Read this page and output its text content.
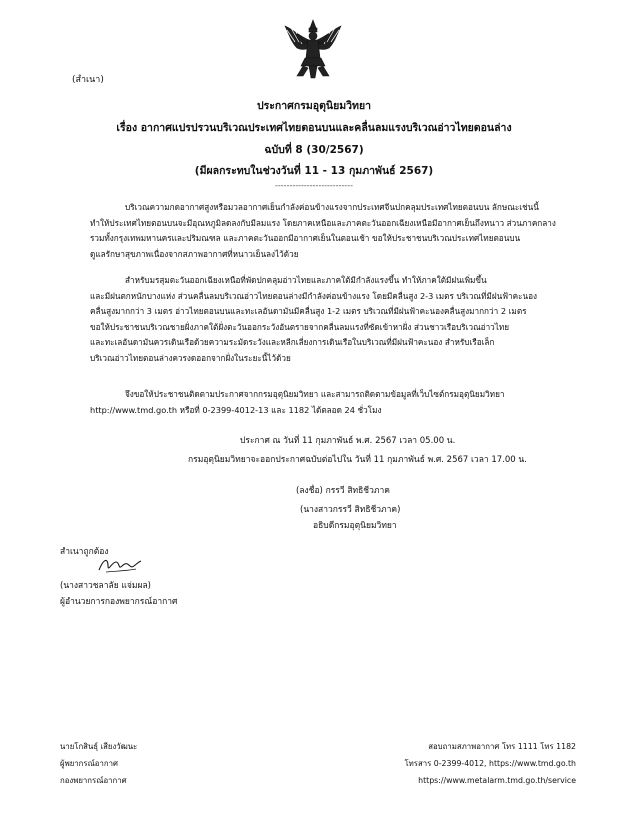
(สำเนา)
ประกาศกรมอุตุนิยมวิทยา
เรื่อง อากาศแปรปรวนบริเวณประเทศไทยตอนบนและคลื่นลมแรงบริเวณอ่าวไทยตอนล่าง
ฉบับที่ 8 (30/2567)
(มีผลกระทบในช่วงวันที่ 11 - 13 กุมภาพันธ์ 2567)
---------------------------
บริเวณความกดอากาศสูงหรือมวลอากาศเย็นกำลังค่อนข้างแรงจากประเทศจีนปกคลุมประเทศไทยตอนบน ลักษณะเช่นนี้
ทำให้ประเทศไทยตอนบนจะมีอุณหภูมิลดลงกับมีลมแรง โดยภาคเหนือและภาคตะวันออกเฉียงเหนือมีอากาศเย็นถึงหนาว ส่วนภาคกลาง
รวมทั้งกรุงเทพมหานครและปริมณฑล และภาคตะวันออกมีอากาศเย็นในตอนเช้า ขอให้ประชาชนบริเวณประเทศไทยตอนบน
ดูแลรักษาสุขภาพเนื่องจากสภาพอากาศที่หนาวเย็นลงไว้ด้วย
สำหรับมรสุมตะวันออกเฉียงเหนือที่พัดปกคลุมอ่าวไทยและภาคใต้มีกำลังแรงขึ้น ทำให้ภาคใต้มีฝนเพิ่มขึ้น
และมีฝนตกหนักบางแห่ง ส่วนคลื่นลมบริเวณอ่าวไทยตอนล่างมีกำลังค่อนข้างแรง โดยมีคลื่นสูง 2-3 เมตร บริเวณที่มีฝนฟ้าคะนอง
คลื่นสูงมากกว่า 3 เมตร อ่าวไทยตอนบนและทะเลอันดามันมีคลื่นสูง 1-2 เมตร บริเวณที่มีฝนฟ้าคะนองคลื่นสูงมากกว่า 2 เมตร
ขอให้ประชาชนบริเวณชายฝั่งภาคใต้ฝั่งตะวันออกระวังอันตรายจากคลื่นลมแรงที่ซัดเข้าหาฝั่ง ส่วนชาวเรือบริเวณอ่าวไทย
และทะเลอันดามันควรเดินเรือด้วยความระมัดระวังและหลีกเลี่ยงการเดินเรือในบริเวณที่มีฝนฟ้าคะนอง สำหรับเรือเล็ก
บริเวณอ่าวไทยตอนล่างควรงดออกจากฝั่งในระยะนี้ไว้ด้วย
จึงขอให้ประชาชนติดตามประกาศจากกรมอุตุนิยมวิทยา และสามารถติดตามข้อมูลที่เว็บไซต์กรมอุตุนิยมวิทยา
http://www.tmd.go.th หรือที่ 0-2399-4012-13 และ 1182 ได้ตลอด 24 ชั่วโมง
ประกาศ ณ วันที่ 11 กุมภาพันธ์ พ.ศ. 2567 เวลา 05.00 น.
กรมอุตุนิยมวิทยาจะออกประกาศฉบับต่อไปใน วันที่ 11 กุมภาพันธ์ พ.ศ. 2567 เวลา 17.00 น.
(ลงชื่อ) กรรวี สิทธิชีวภาค
(นางสาวกรรวี สิทธิชีวภาค)
อธิบดีกรมอุตุนิยมวิทยา
สำเนาถูกต้อง
(นางสาวชลาลัย แจ่มผล)
ผู้อำนวยการกองพยากรณ์อากาศ
นายโกสินธุ์ เสียงวัฒนะ
ผู้พยากรณ์อากาศ
กองพยากรณ์อากาศ
สอบถามสภาพอากาศ โทร 1111 โทร 1182
โทรสาร 0-2399-4012, https://www.tmd.go.th
https://www.metalarm.tmd.go.th/service
